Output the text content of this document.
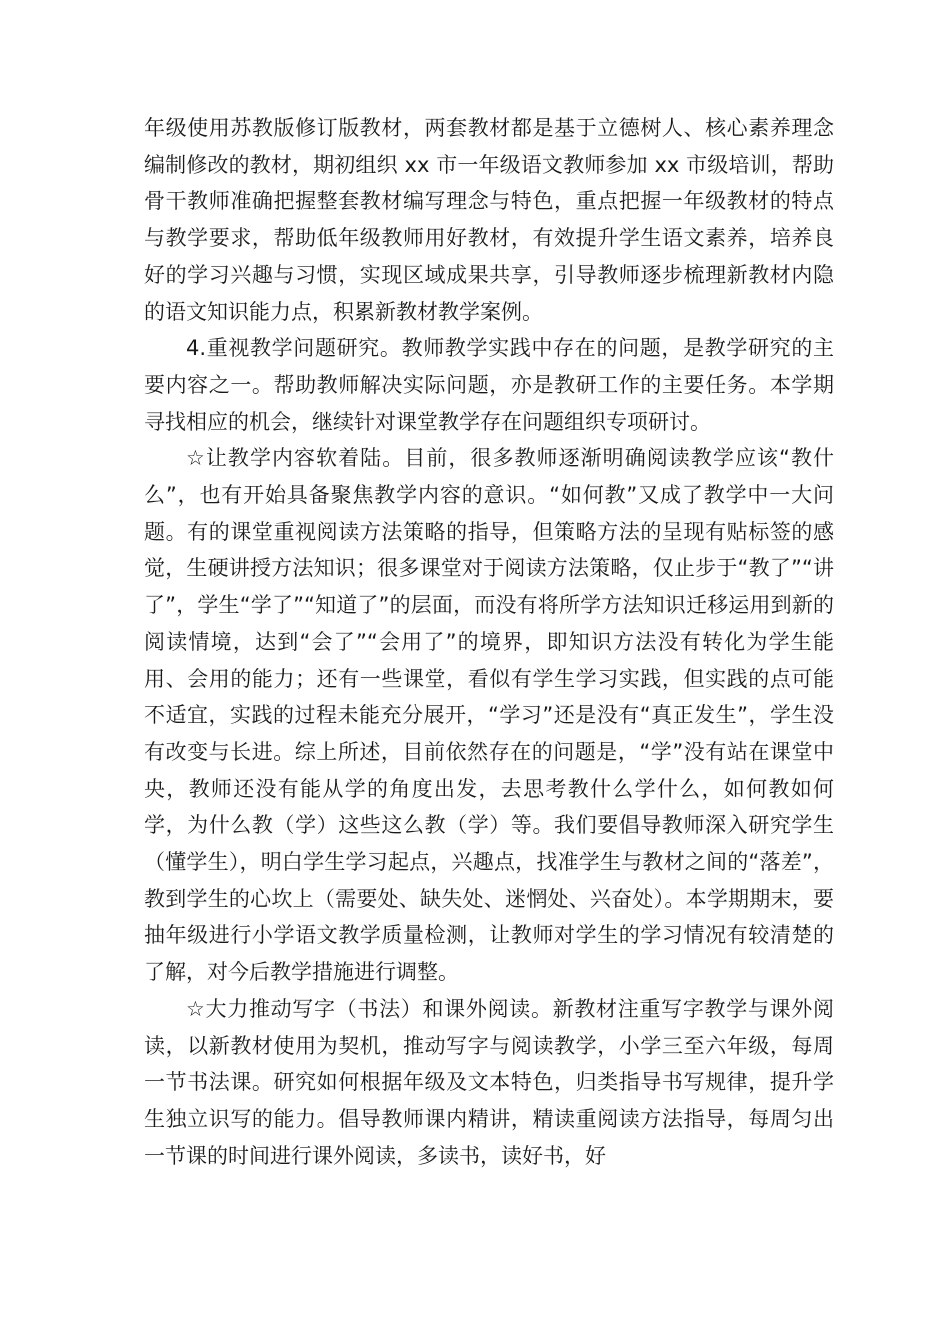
年级使用苏教版修订版教材，两套教材都是基于立德树人、核心素养理念编制修改的教材，期初组织 xx 市一年级语文教师参加 xx 市级培训，帮助骨干教师准确把握整套教材编写理念与特色，重点把握一年级教材的特点与教学要求，帮助低年级教师用好教材，有效提升学生语文素养，培养良好的学习兴趣与习惯，实现区域成果共享，引导教师逐步梳理新教材内隐的语文知识能力点，积累新教材教学案例。

4.重视教学问题研究。教师教学实践中存在的问题，是教学研究的主要内容之一。帮助教师解决实际问题，亦是教研工作的主要任务。本学期寻找相应的机会，继续针对课堂教学存在问题组织专项研讨。

☆让教学内容软着陆。目前，很多教师逐渐明确阅读教学应该“教什么”，也有开始具备聚焦教学内容的意识。“如何教”又成了教学中一大问题。有的课堂重视阅读方法策略的指导，但策略方法的呈现有贴标签的感觉，生硬讲授方法知识；很多课堂对于阅读方法策略，仅止步于“教了”“讲了”，学生“学了”“知道了”的层面，而没有将所学方法知识迁移运用到新的阅读情境，达到“会了”“会用了”的境界，即知识方法没有转化为学生能用、会用的能力；还有一些课堂，看似有学生学习实践，但实践的点可能不适宜，实践的过程未能充分展开，“学习”还是没有“真正发生”，学生没有改变与长进。综上所述，目前依然存在的问题是，“学”没有站在课堂中央，教师还没有能从学的角度出发，去思考教什么学什么，如何教如何学，为什么教（学）这些这么教（学）等。我们要倡导教师深入研究学生（懂学生），明白学生学习起点，兴趣点，找准学生与教材之间的“落差”，教到学生的心坎上（需要处、缺失处、迷惘处、兴奋处）。本学期期末，要抽年级进行小学语文教学质量检测，让教师对学生的学习情况有较清楚的了解，对今后教学措施进行调整。

☆大力推动写字（书法）和课外阅读。新教材注重写字教学与课外阅读，以新教材使用为契机，推动写字与阅读教学，小学三至六年级，每周一节书法课。研究如何根据年级及文本特色，归类指导书写规律，提升学生独立识写的能力。倡导教师课内精讲，精读重阅读方法指导，每周匀出一节课的时间进行课外阅读，多读书，读好书，好
